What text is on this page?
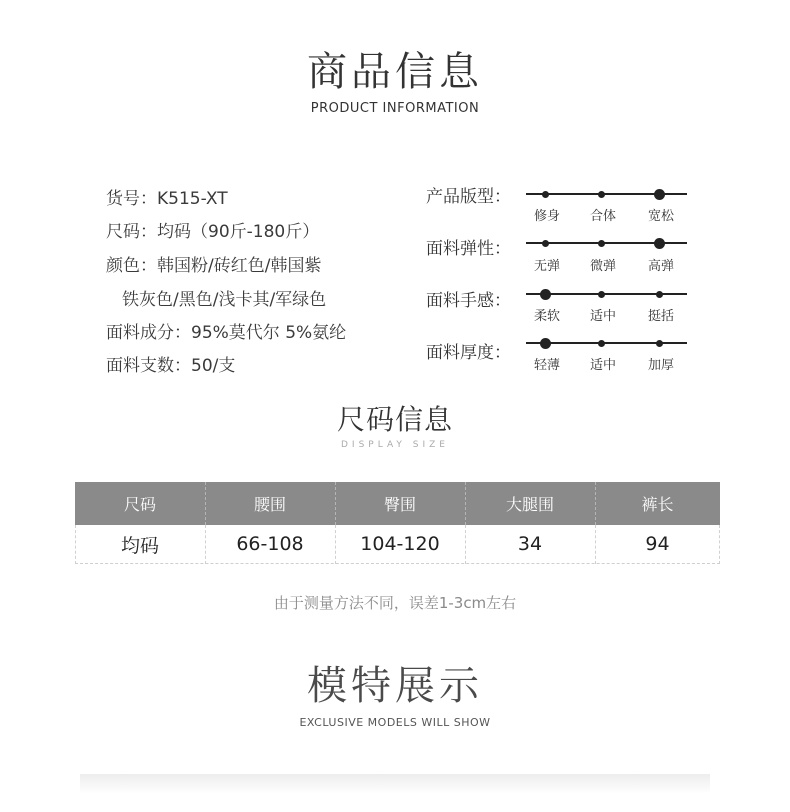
商品信息
PRODUCT INFORMATION
货号：K515-XT
尺码：均码（90斤-180斤）
颜色：韩国粉/砖红色/韩国紫
铁灰色/黑色/浅卡其/军绿色
面料成分：95%莫代尔 5%氨纶
面料支数：50/支
产品版型：
修身	合体	宽松
面料弹性：
无弹	微弹	高弹
面料手感：
柔软	适中	挺括
面料厚度：
轻薄	适中	加厚
尺码信息
DISPLAY SIZE
尺码	腰围	臀围	大腿围	裤长
均码	66-108	104-120	34	94
由于测量方法不同，误差1-3cm左右
模特展示
EXCLUSIVE MODELS WILL SHOW
